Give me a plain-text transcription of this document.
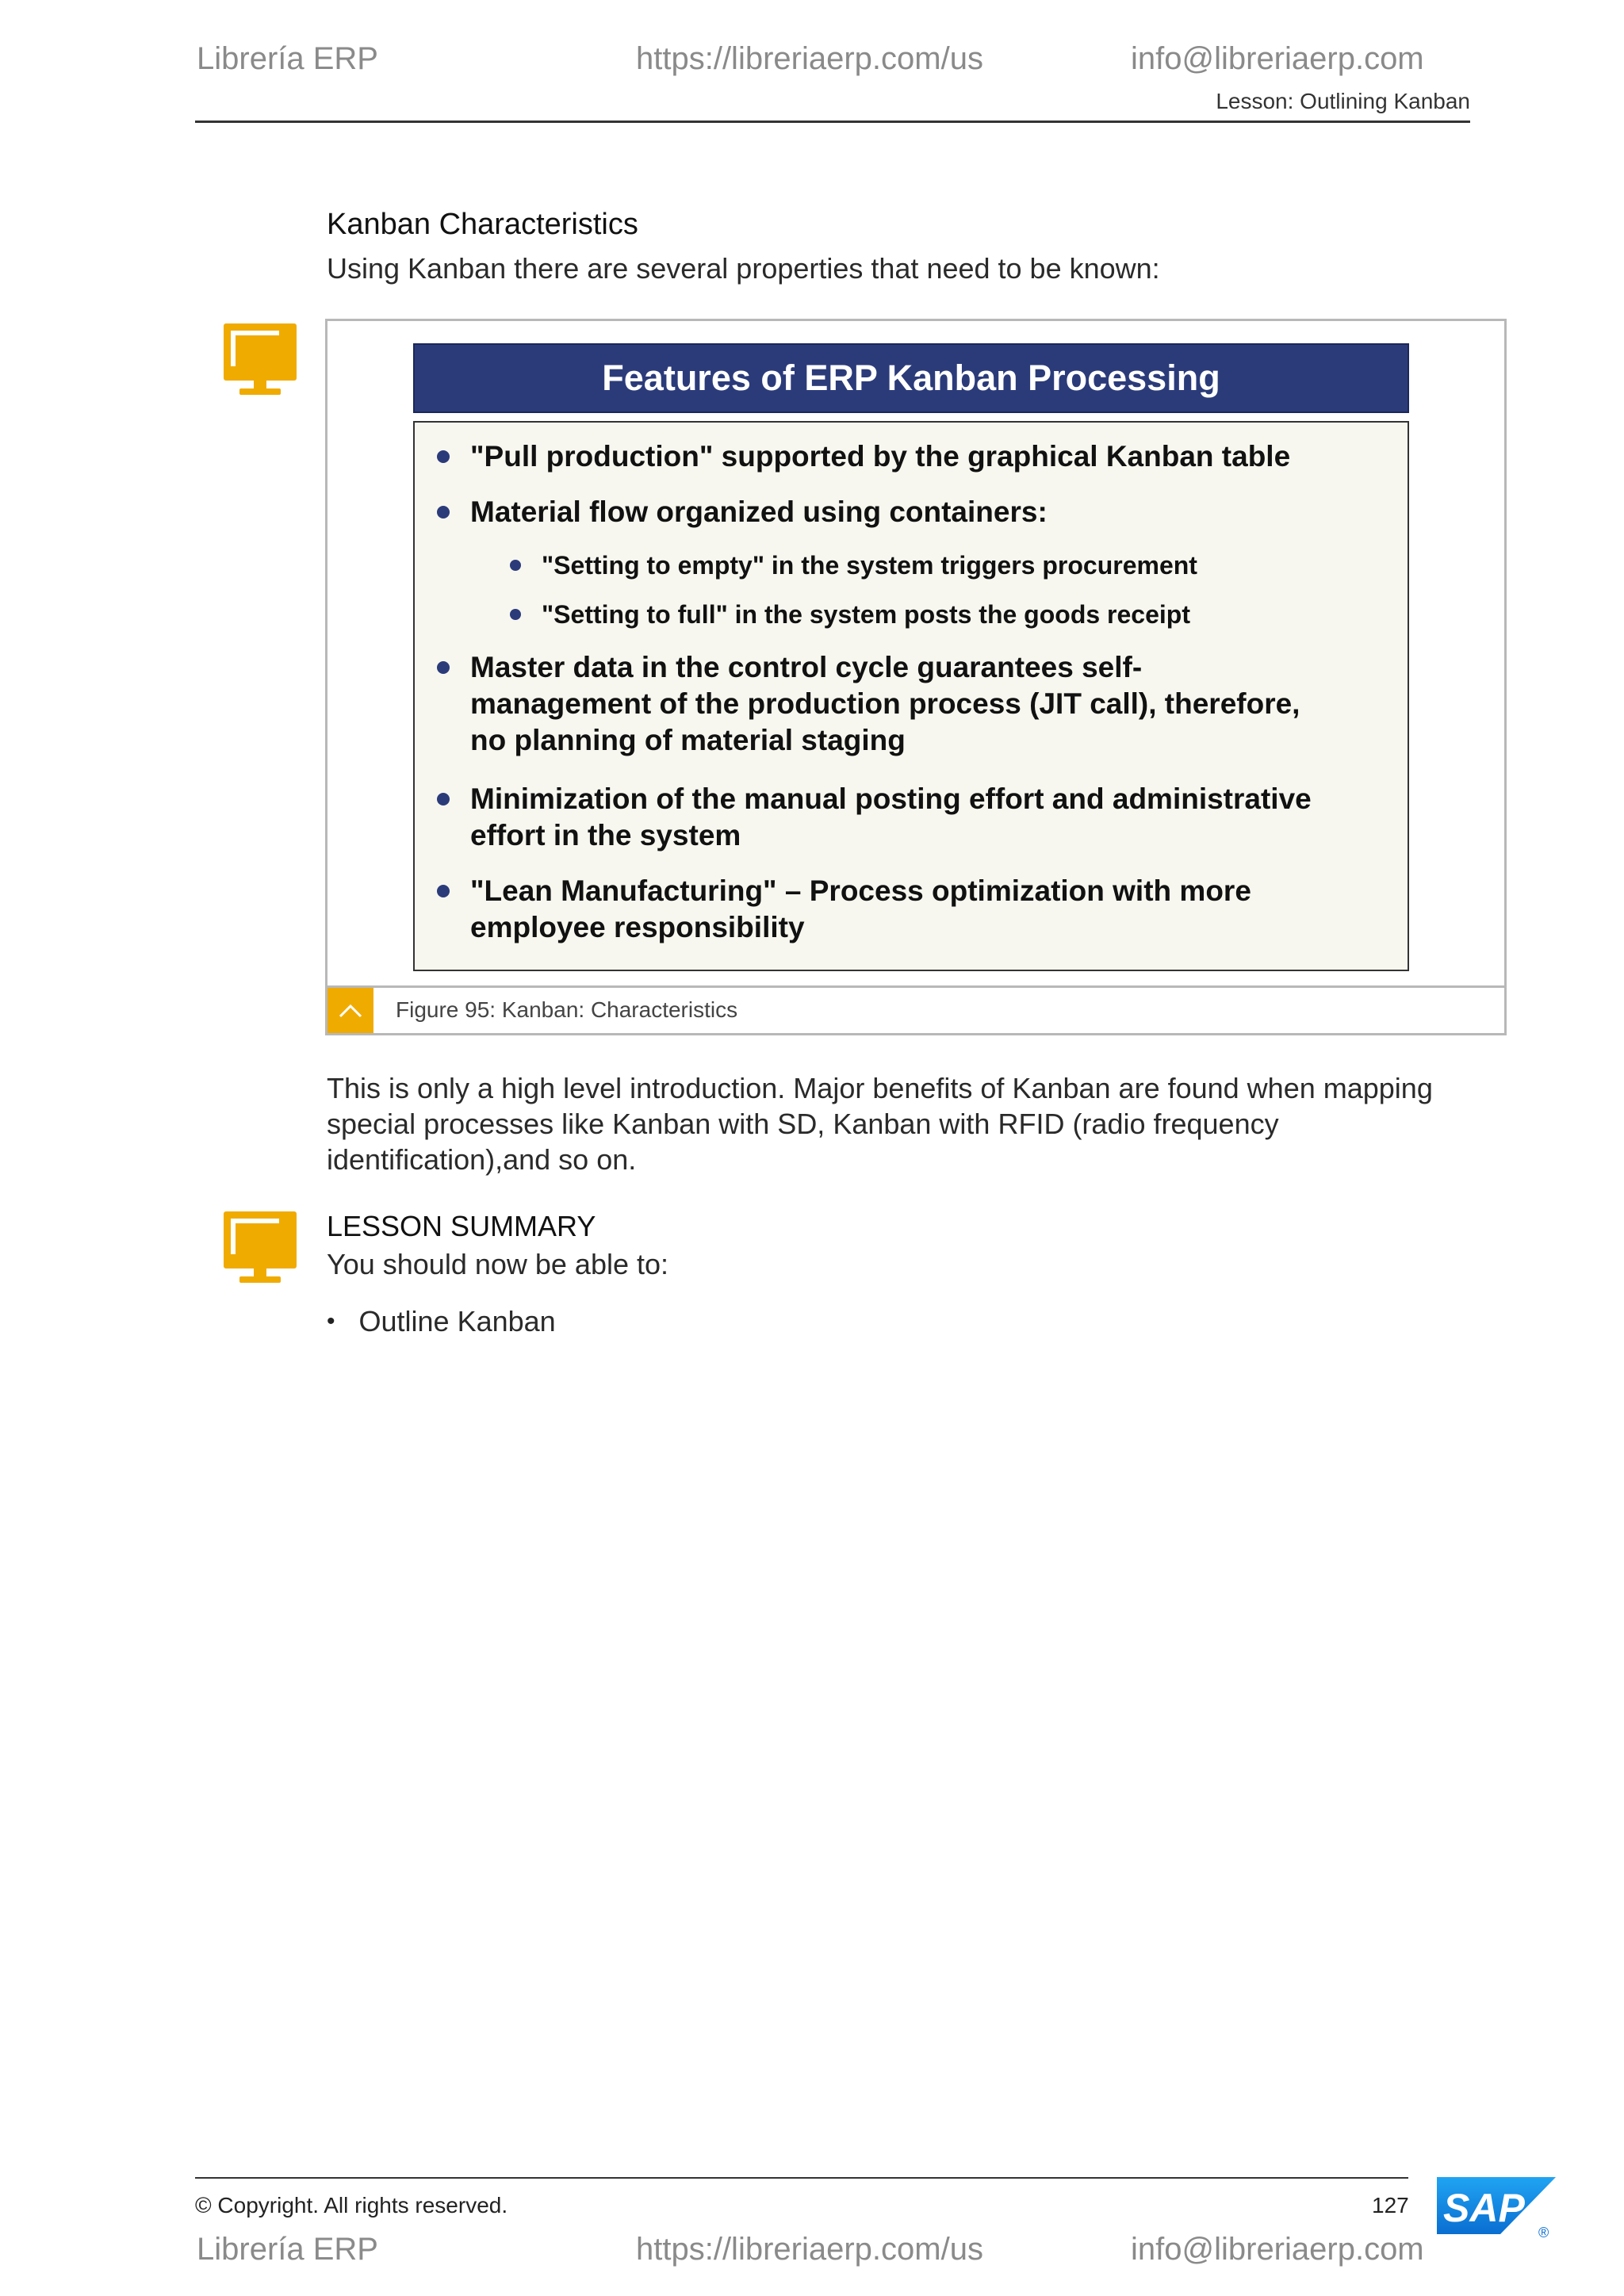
Librería ERP	https://libreriaerp.com/us	info@libreriaerp.com
Lesson: Outlining Kanban
Kanban Characteristics
Using Kanban there are several properties that need to be known:
Features of ERP Kanban Processing
"Pull production" supported by the graphical Kanban table
Material flow organized using containers:
"Setting to empty" in the system triggers procurement
"Setting to full" in the system posts the goods receipt
Master data in the control cycle guarantees self-management of the production process (JIT call), therefore, no planning of material staging
Minimization of the manual posting effort and administrative effort in the system
"Lean Manufacturing" – Process optimization with more employee responsibility
Figure 95: Kanban: Characteristics
This is only a high level introduction. Major benefits of Kanban are found when mapping special processes like Kanban with SD, Kanban with RFID (radio frequency identification),and so on.
LESSON SUMMARY
You should now be able to:
• Outline Kanban
© Copyright. All rights reserved.	127 SAP
®
Librería ERP	https://libreriaerp.com/us	info@libreriaerp.com
